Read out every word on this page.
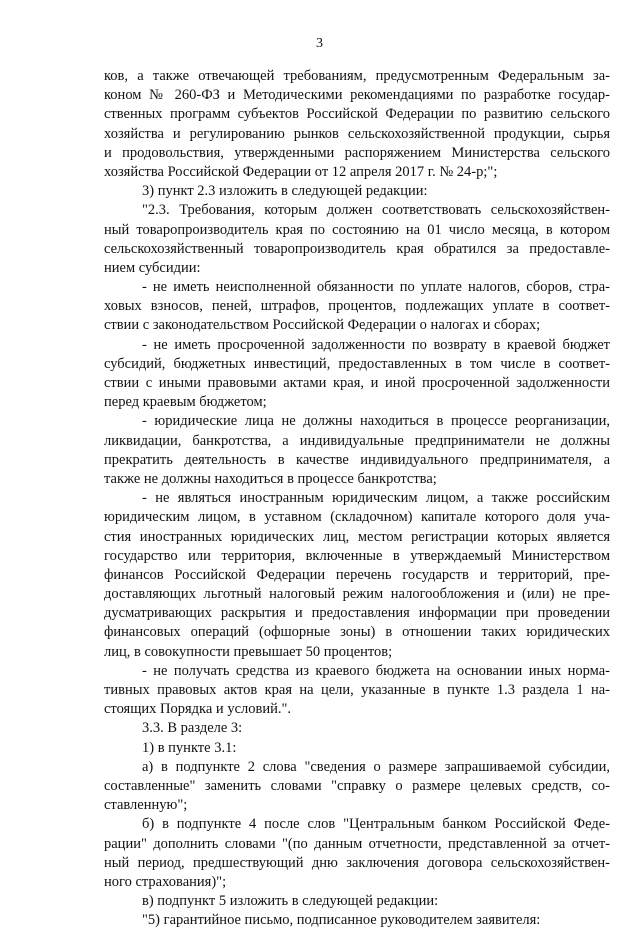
3
ков, а также отвечающей требованиям, предусмотренным Федеральным за-
коном № 260-ФЗ и Методическими рекомендациями по разработке государ-
ственных программ субъектов Российской Федерации по развитию сельского
хозяйства и регулированию рынков сельскохозяйственной продукции, сырья
и продовольствия, утвержденными распоряжением Министерства сельского
хозяйства Российской Федерации от 12 апреля 2017 г. № 24-р;";
3) пункт 2.3 изложить в следующей редакции:
"2.3. Требования, которым должен соответствовать сельскохозяйствен-
ный товаропроизводитель края по состоянию на 01 число месяца, в котором
сельскохозяйственный товаропроизводитель края обратился за предоставле-
нием субсидии:
- не иметь неисполненной обязанности по уплате налогов, сборов, стра-
ховых взносов, пеней, штрафов, процентов, подлежащих уплате в соответ-
ствии с законодательством Российской Федерации о налогах и сборах;
- не иметь просроченной задолженности по возврату в краевой бюджет
субсидий, бюджетных инвестиций, предоставленных в том числе в соответ-
ствии с иными правовыми актами края, и иной просроченной задолженности
перед краевым бюджетом;
- юридические лица не должны находиться в процессе реорганизации,
ликвидации, банкротства, а индивидуальные предприниматели не должны
прекратить деятельность в качестве индивидуального предпринимателя, а
также не должны находиться в процессе банкротства;
- не являться иностранным юридическим лицом, а также российским
юридическим лицом, в уставном (складочном) капитале которого доля уча-
стия иностранных юридических лиц, местом регистрации которых является
государство или территория, включенные в утверждаемый Министерством
финансов Российской Федерации перечень государств и территорий, пре-
доставляющих льготный налоговый режим налогообложения и (или) не пре-
дусматривающих раскрытия и предоставления информации при проведении
финансовых операций (офшорные зоны) в отношении таких юридических
лиц, в совокупности превышает 50 процентов;
- не получать средства из краевого бюджета на основании иных норма-
тивных правовых актов края на цели, указанные в пункте 1.3 раздела 1 на-
стоящих Порядка и условий.".
3.3. В разделе 3:
1) в пункте 3.1:
а) в подпункте 2 слова "сведения о размере запрашиваемой субсидии,
составленные" заменить словами "справку о размере целевых средств, со-
ставленную";
б) в подпункте 4 после слов "Центральным банком Российской Феде-
рации" дополнить словами "(по данным отчетности, представленной за отчет-
ный период, предшествующий дню заключения договора сельскохозяйствен-
ного страхования)";
в) подпункт 5 изложить в следующей редакции:
"5) гарантийное письмо, подписанное руководителем заявителя:
